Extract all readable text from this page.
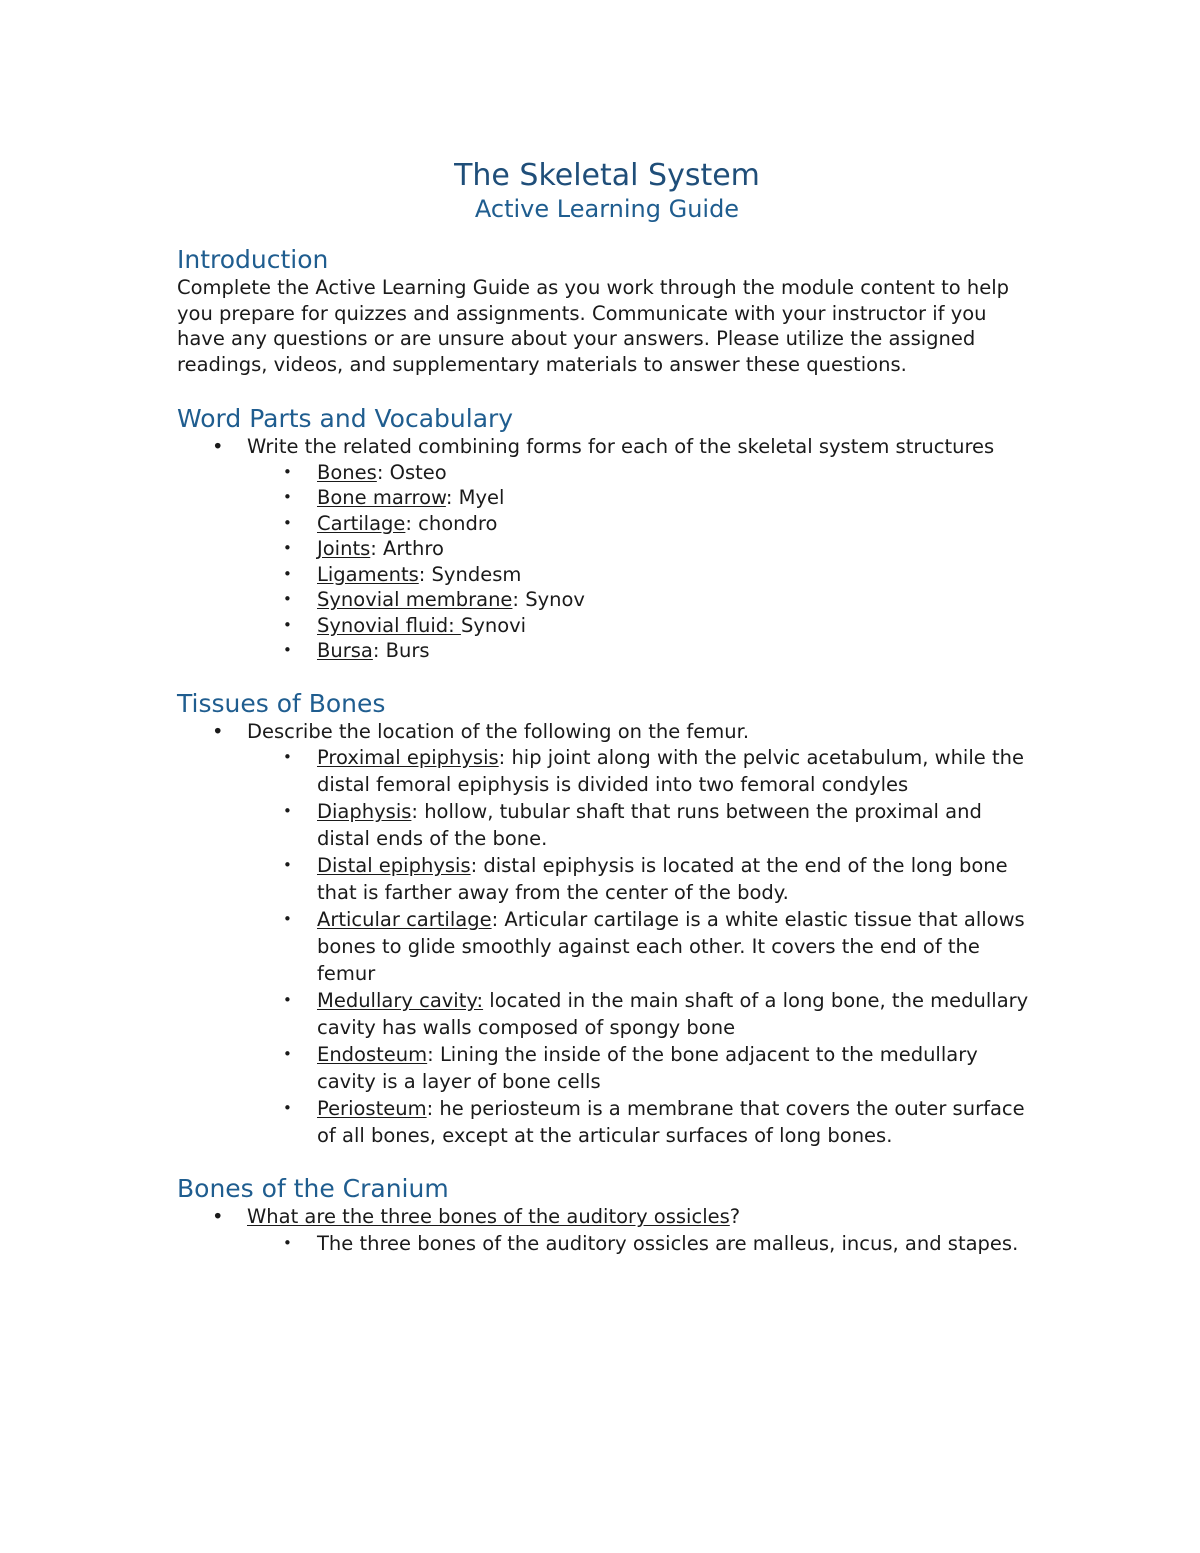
The Skeletal System
Active Learning Guide
Introduction

Complete the Active Learning Guide as you work through the module content to help you prepare for quizzes and assignments. Communicate with your instructor if you have any questions or are unsure about your answers. Please utilize the assigned readings, videos, and supplementary materials to answer these questions.

Word Parts and Vocabulary
• Write the related combining forms for each of the skeletal system structures
• Bones: Osteo
• Bone marrow: Myel
• Cartilage: chondro
• Joints: Arthro
• Ligaments: Syndesm
• Synovial membrane: Synov
• Synovial fluid: Synovi
• Bursa: Burs
Tissues of Bones
• Describe the location of the following on the femur.
• Proximal epiphysis: hip joint along with the pelvic acetabulum, while the distal femoral epiphysis is divided into two femoral condyles
• Diaphysis: hollow, tubular shaft that runs between the proximal and distal ends of the bone.
• Distal epiphysis: distal epiphysis is located at the end of the long bone that is farther away from the center of the body.
• Articular cartilage: Articular cartilage is a white elastic tissue that allows bones to glide smoothly against each other. It covers the end of the femur
• Medullary cavity: located in the main shaft of a long bone, the medullary cavity has walls composed of spongy bone
• Endosteum: Lining the inside of the bone adjacent to the medullary cavity is a layer of bone cells
• Periosteum: he periosteum is a membrane that covers the outer surface of all bones, except at the articular surfaces of long bones.
Bones of the Cranium
• What are the three bones of the auditory ossicles?
• The three bones of the auditory ossicles are malleus, incus, and stapes.
